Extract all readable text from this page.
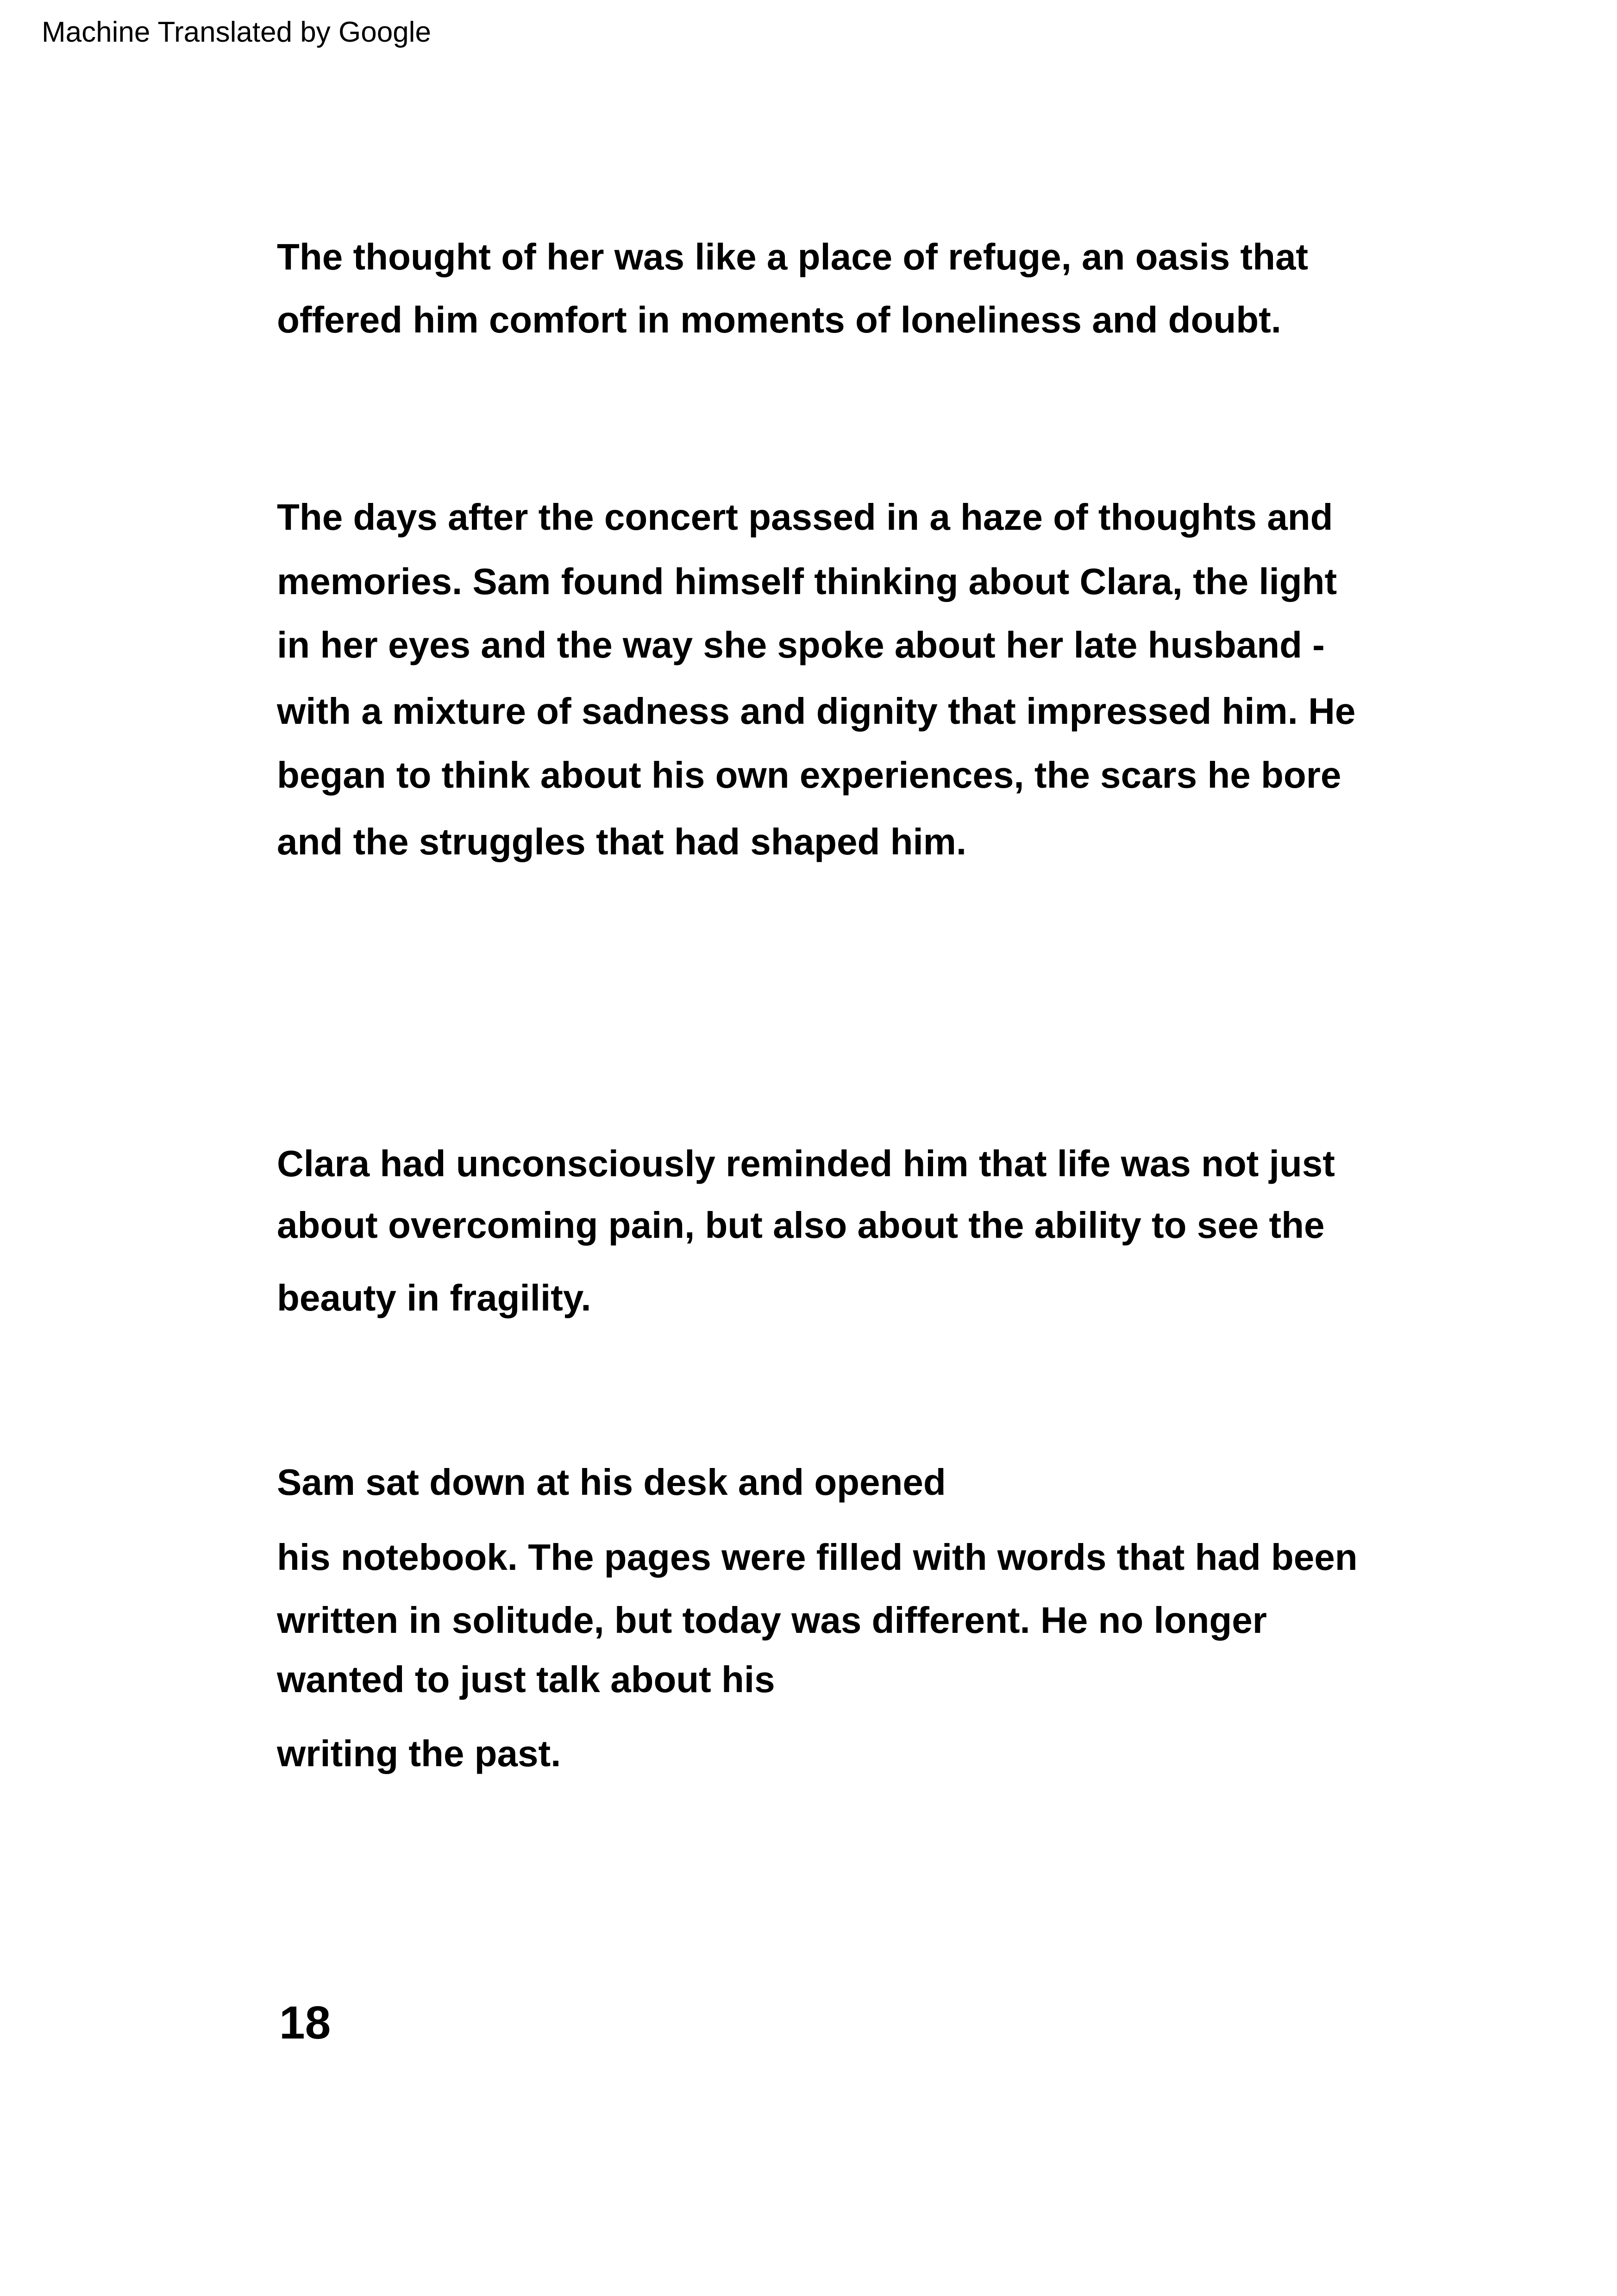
Machine Translated by Google
The thought of her was like a place of refuge, an oasis that
offered him comfort in moments of loneliness and doubt.
The days after the concert passed in a haze of thoughts and
memories. Sam found himself thinking about Clara, the light
in her eyes and the way she spoke about her late husband -
with a mixture of sadness and dignity that impressed him. He
began to think about his own experiences, the scars he bore
and the struggles that had shaped him.
Clara had unconsciously reminded him that life was not just
about overcoming pain, but also about the ability to see the
beauty in fragility.
Sam sat down at his desk and opened
his notebook. The pages were filled with words that had been
written in solitude, but today was different. He no longer
wanted to just talk about his
writing the past.
18
